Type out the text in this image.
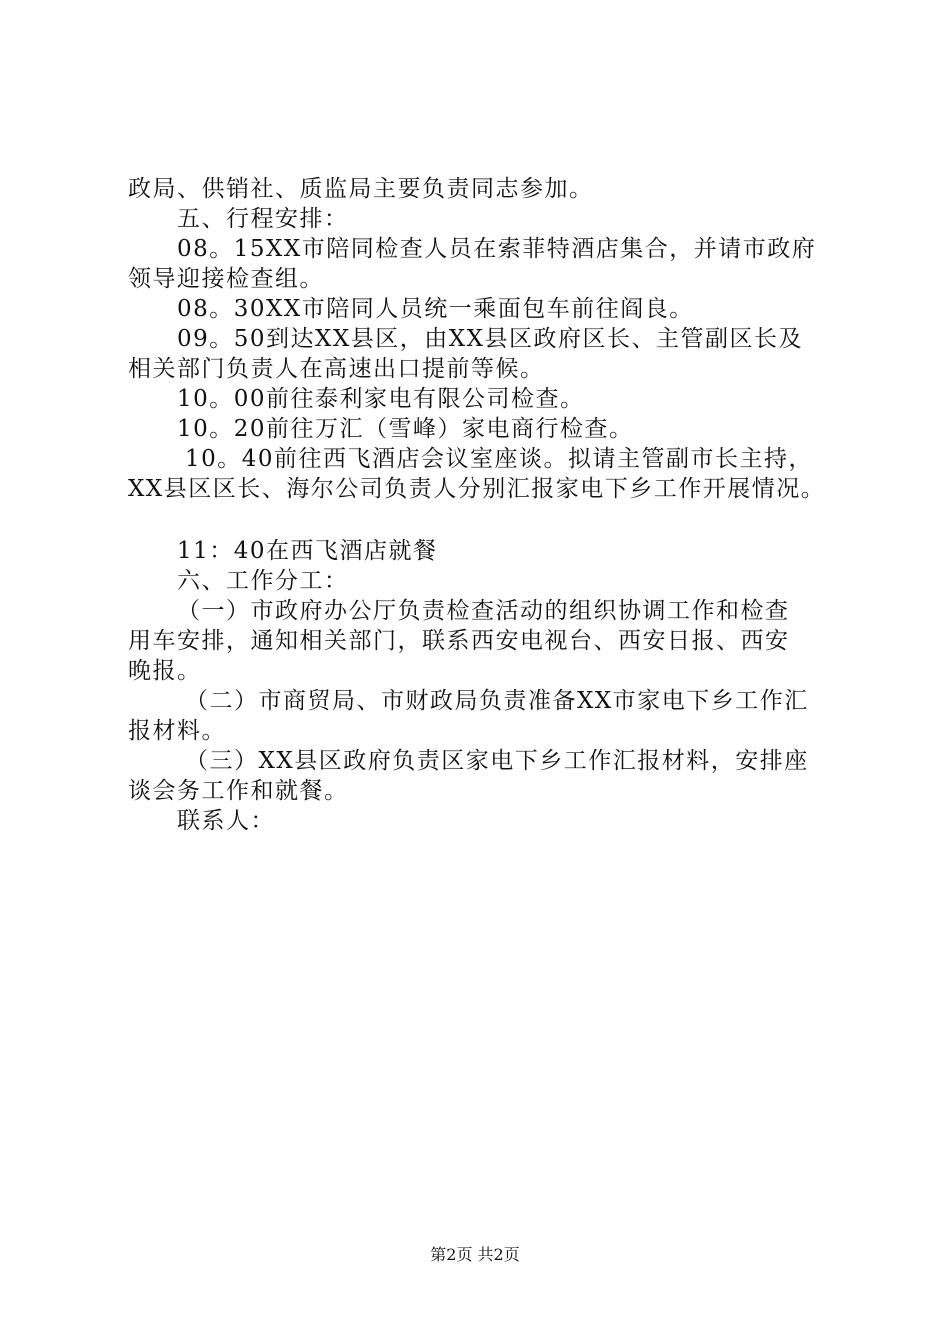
政局、供销社、质监局主要负责同志参加。
五、行程安排：
08。15XX市陪同检查人员在索菲特酒店集合，并请市政府
领导迎接检查组。
08。30XX市陪同人员统一乘面包车前往阎良。
09。50到达XX县区，由XX县区政府区长、主管副区长及
相关部门负责人在高速出口提前等候。
10。00前往泰利家电有限公司检查。
10。20前往万汇（雪峰）家电商行检查。
10。40前往西飞酒店会议室座谈。拟请主管副市长主持，
XX县区区长、海尔公司负责人分别汇报家电下乡工作开展情况。
11：40在西飞酒店就餐
六、工作分工：
（一）市政府办公厅负责检查活动的组织协调工作和检查
用车安排，通知相关部门，联系西安电视台、西安日报、西安
晚报。
（二）市商贸局、市财政局负责准备XX市家电下乡工作汇
报材料。
（三）XX县区政府负责区家电下乡工作汇报材料，安排座
谈会务工作和就餐。
联系人：
第2页 共2页
